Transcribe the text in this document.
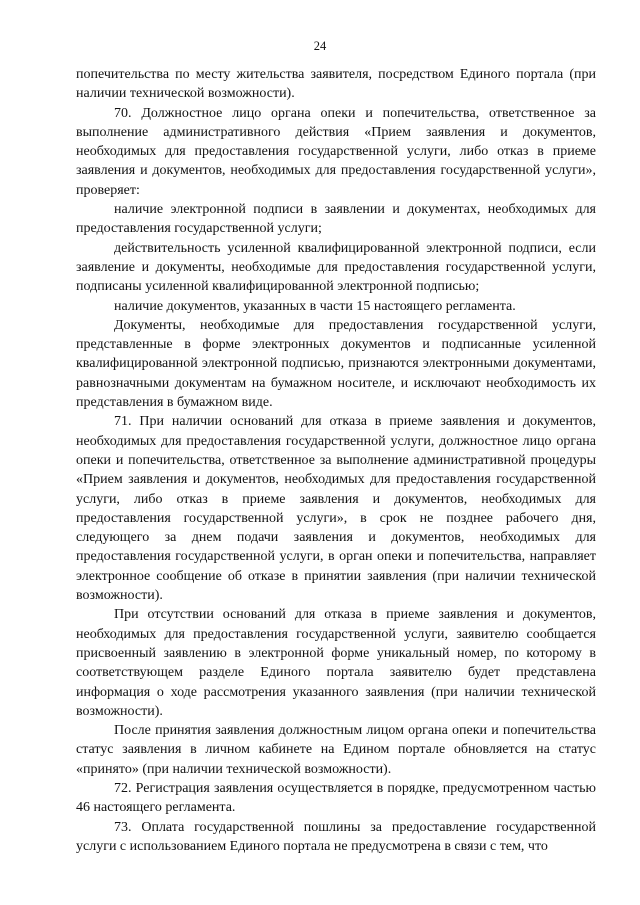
24

попечительства по месту жительства заявителя, посредством Единого портала (при наличии технической возможности).

70. Должностное лицо органа опеки и попечительства, ответственное за выполнение административного действия «Прием заявления и документов, необходимых для предоставления государственной услуги, либо отказ в приеме заявления и документов, необходимых для предоставления государственной услуги», проверяет:

наличие электронной подписи в заявлении и документах, необходимых для предоставления государственной услуги;

действительность усиленной квалифицированной электронной подписи, если заявление и документы, необходимые для предоставления государственной услуги, подписаны усиленной квалифицированной электронной подписью;

наличие документов, указанных в части 15 настоящего регламента.

Документы, необходимые для предоставления государственной услуги, представленные в форме электронных документов и подписанные усиленной квалифицированной электронной подписью, признаются электронными документами, равнозначными документам на бумажном носителе, и исключают необходимость их представления в бумажном виде.

71. При наличии оснований для отказа в приеме заявления и документов, необходимых для предоставления государственной услуги, должностное лицо органа опеки и попечительства, ответственное за выполнение административной процедуры «Прием заявления и документов, необходимых для предоставления государственной услуги, либо отказ в приеме заявления и документов, необходимых для предоставления государственной услуги», в срок не позднее рабочего дня, следующего за днем подачи заявления и документов, необходимых для предоставления государственной услуги, в орган опеки и попечительства, направляет электронное сообщение об отказе в принятии заявления (при наличии технической возможности).

При отсутствии оснований для отказа в приеме заявления и документов, необходимых для предоставления государственной услуги, заявителю сообщается присвоенный заявлению в электронной форме уникальный номер, по которому в соответствующем разделе Единого портала заявителю будет представлена информация о ходе рассмотрения указанного заявления (при наличии технической возможности).

После принятия заявления должностным лицом органа опеки и попечительства статус заявления в личном кабинете на Едином портале обновляется на статус «принято» (при наличии технической возможности).

72. Регистрация заявления осуществляется в порядке, предусмотренном частью 46 настоящего регламента.

73. Оплата государственной пошлины за предоставление государственной услуги с использованием Единого портала не предусмотрена в связи с тем, что
